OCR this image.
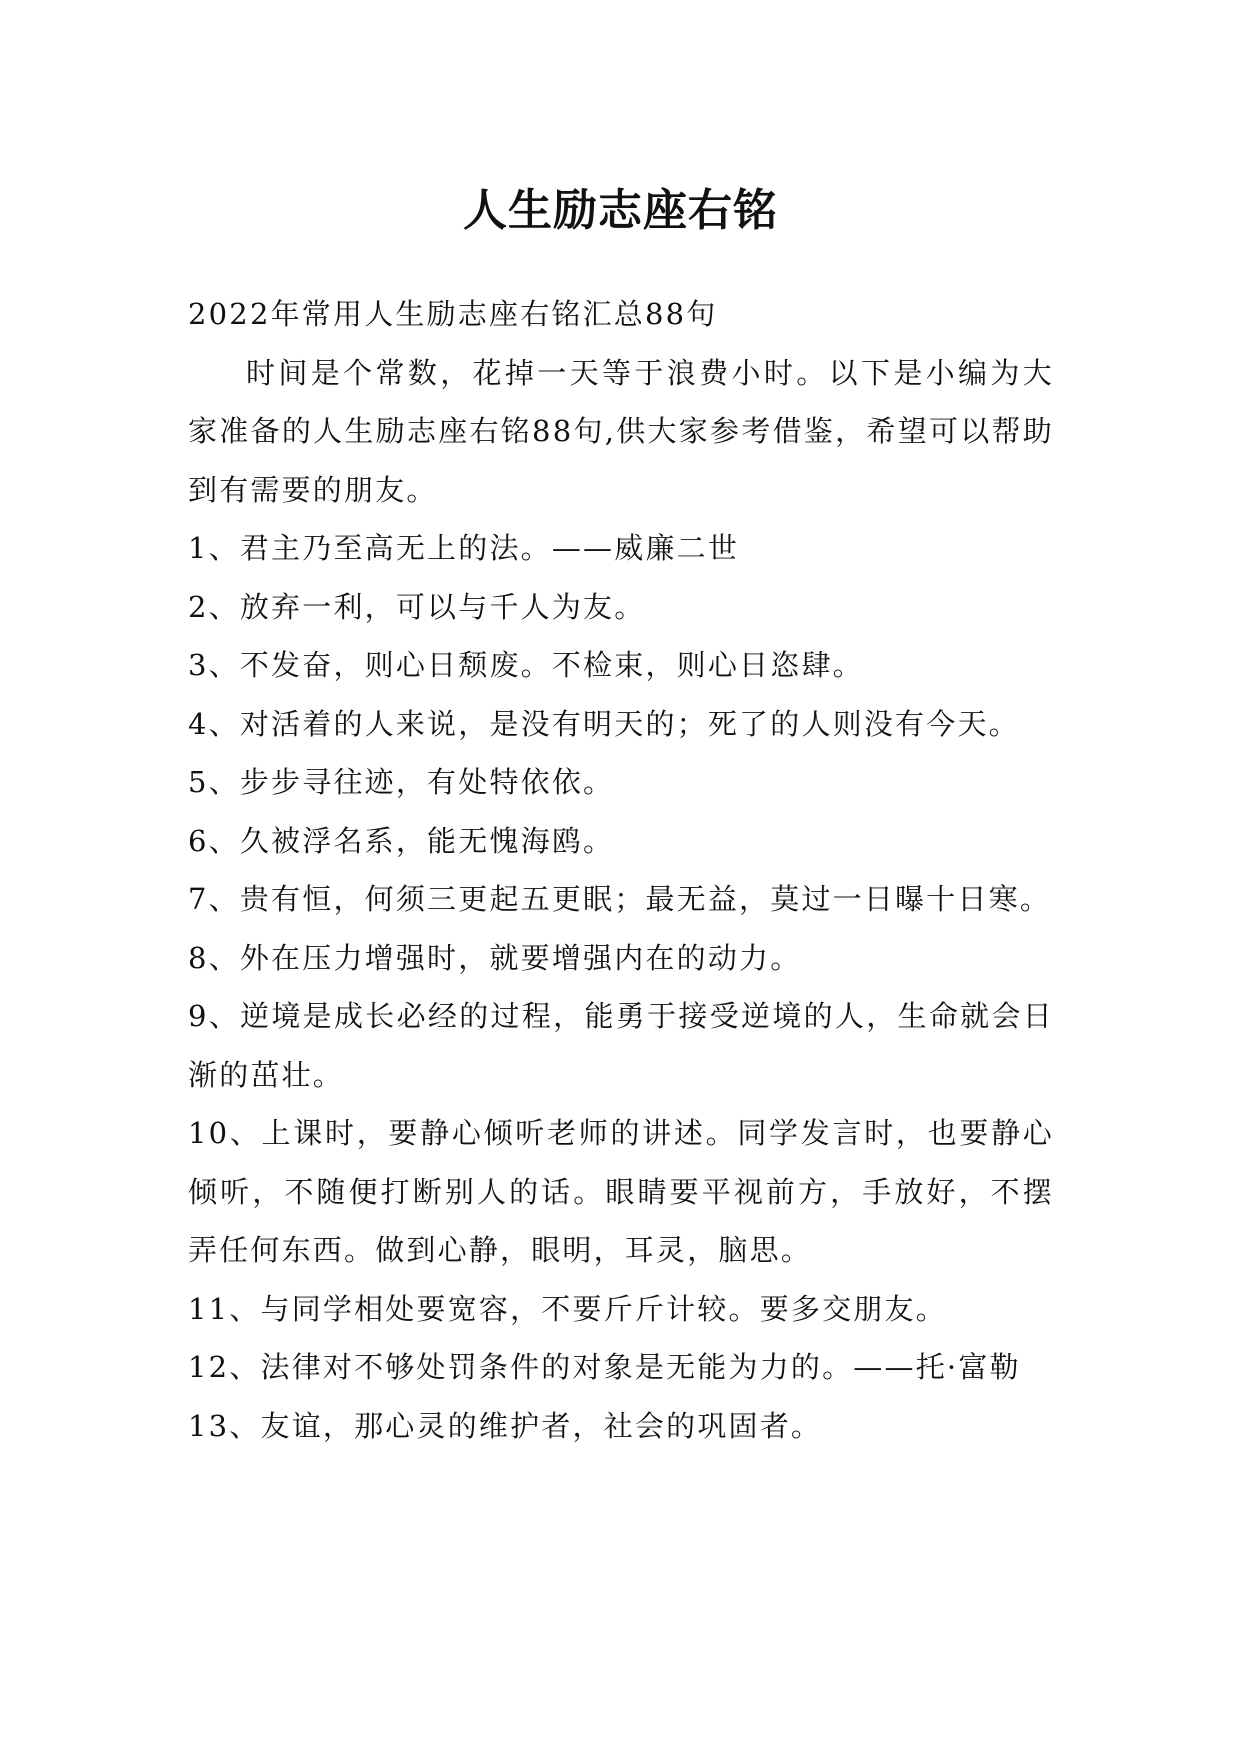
人生励志座右铭

2022年常用人生励志座右铭汇总88句

时间是个常数，花掉一天等于浪费小时。以下是小编为大家准备的人生励志座右铭88句,供大家参考借鉴，希望可以帮助到有需要的朋友。

1、君主乃至高无上的法。——威廉二世

2、放弃一利，可以与千人为友。

3、不发奋，则心日颓废。不检束，则心日恣肆。

4、对活着的人来说，是没有明天的；死了的人则没有今天。

5、步步寻往迹，有处特依依。

6、久被浮名系，能无愧海鸥。

7、贵有恒，何须三更起五更眠；最无益，莫过一日曝十日寒。

8、外在压力增强时，就要增强内在的动力。

9、逆境是成长必经的过程，能勇于接受逆境的人，生命就会日渐的茁壮。

10、上课时，要静心倾听老师的讲述。同学发言时，也要静心倾听，不随便打断别人的话。眼睛要平视前方，手放好，不摆弄任何东西。做到心静，眼明，耳灵，脑思。

11、与同学相处要宽容，不要斤斤计较。要多交朋友。

12、法律对不够处罚条件的对象是无能为力的。——托·富勒

13、友谊，那心灵的维护者，社会的巩固者。
